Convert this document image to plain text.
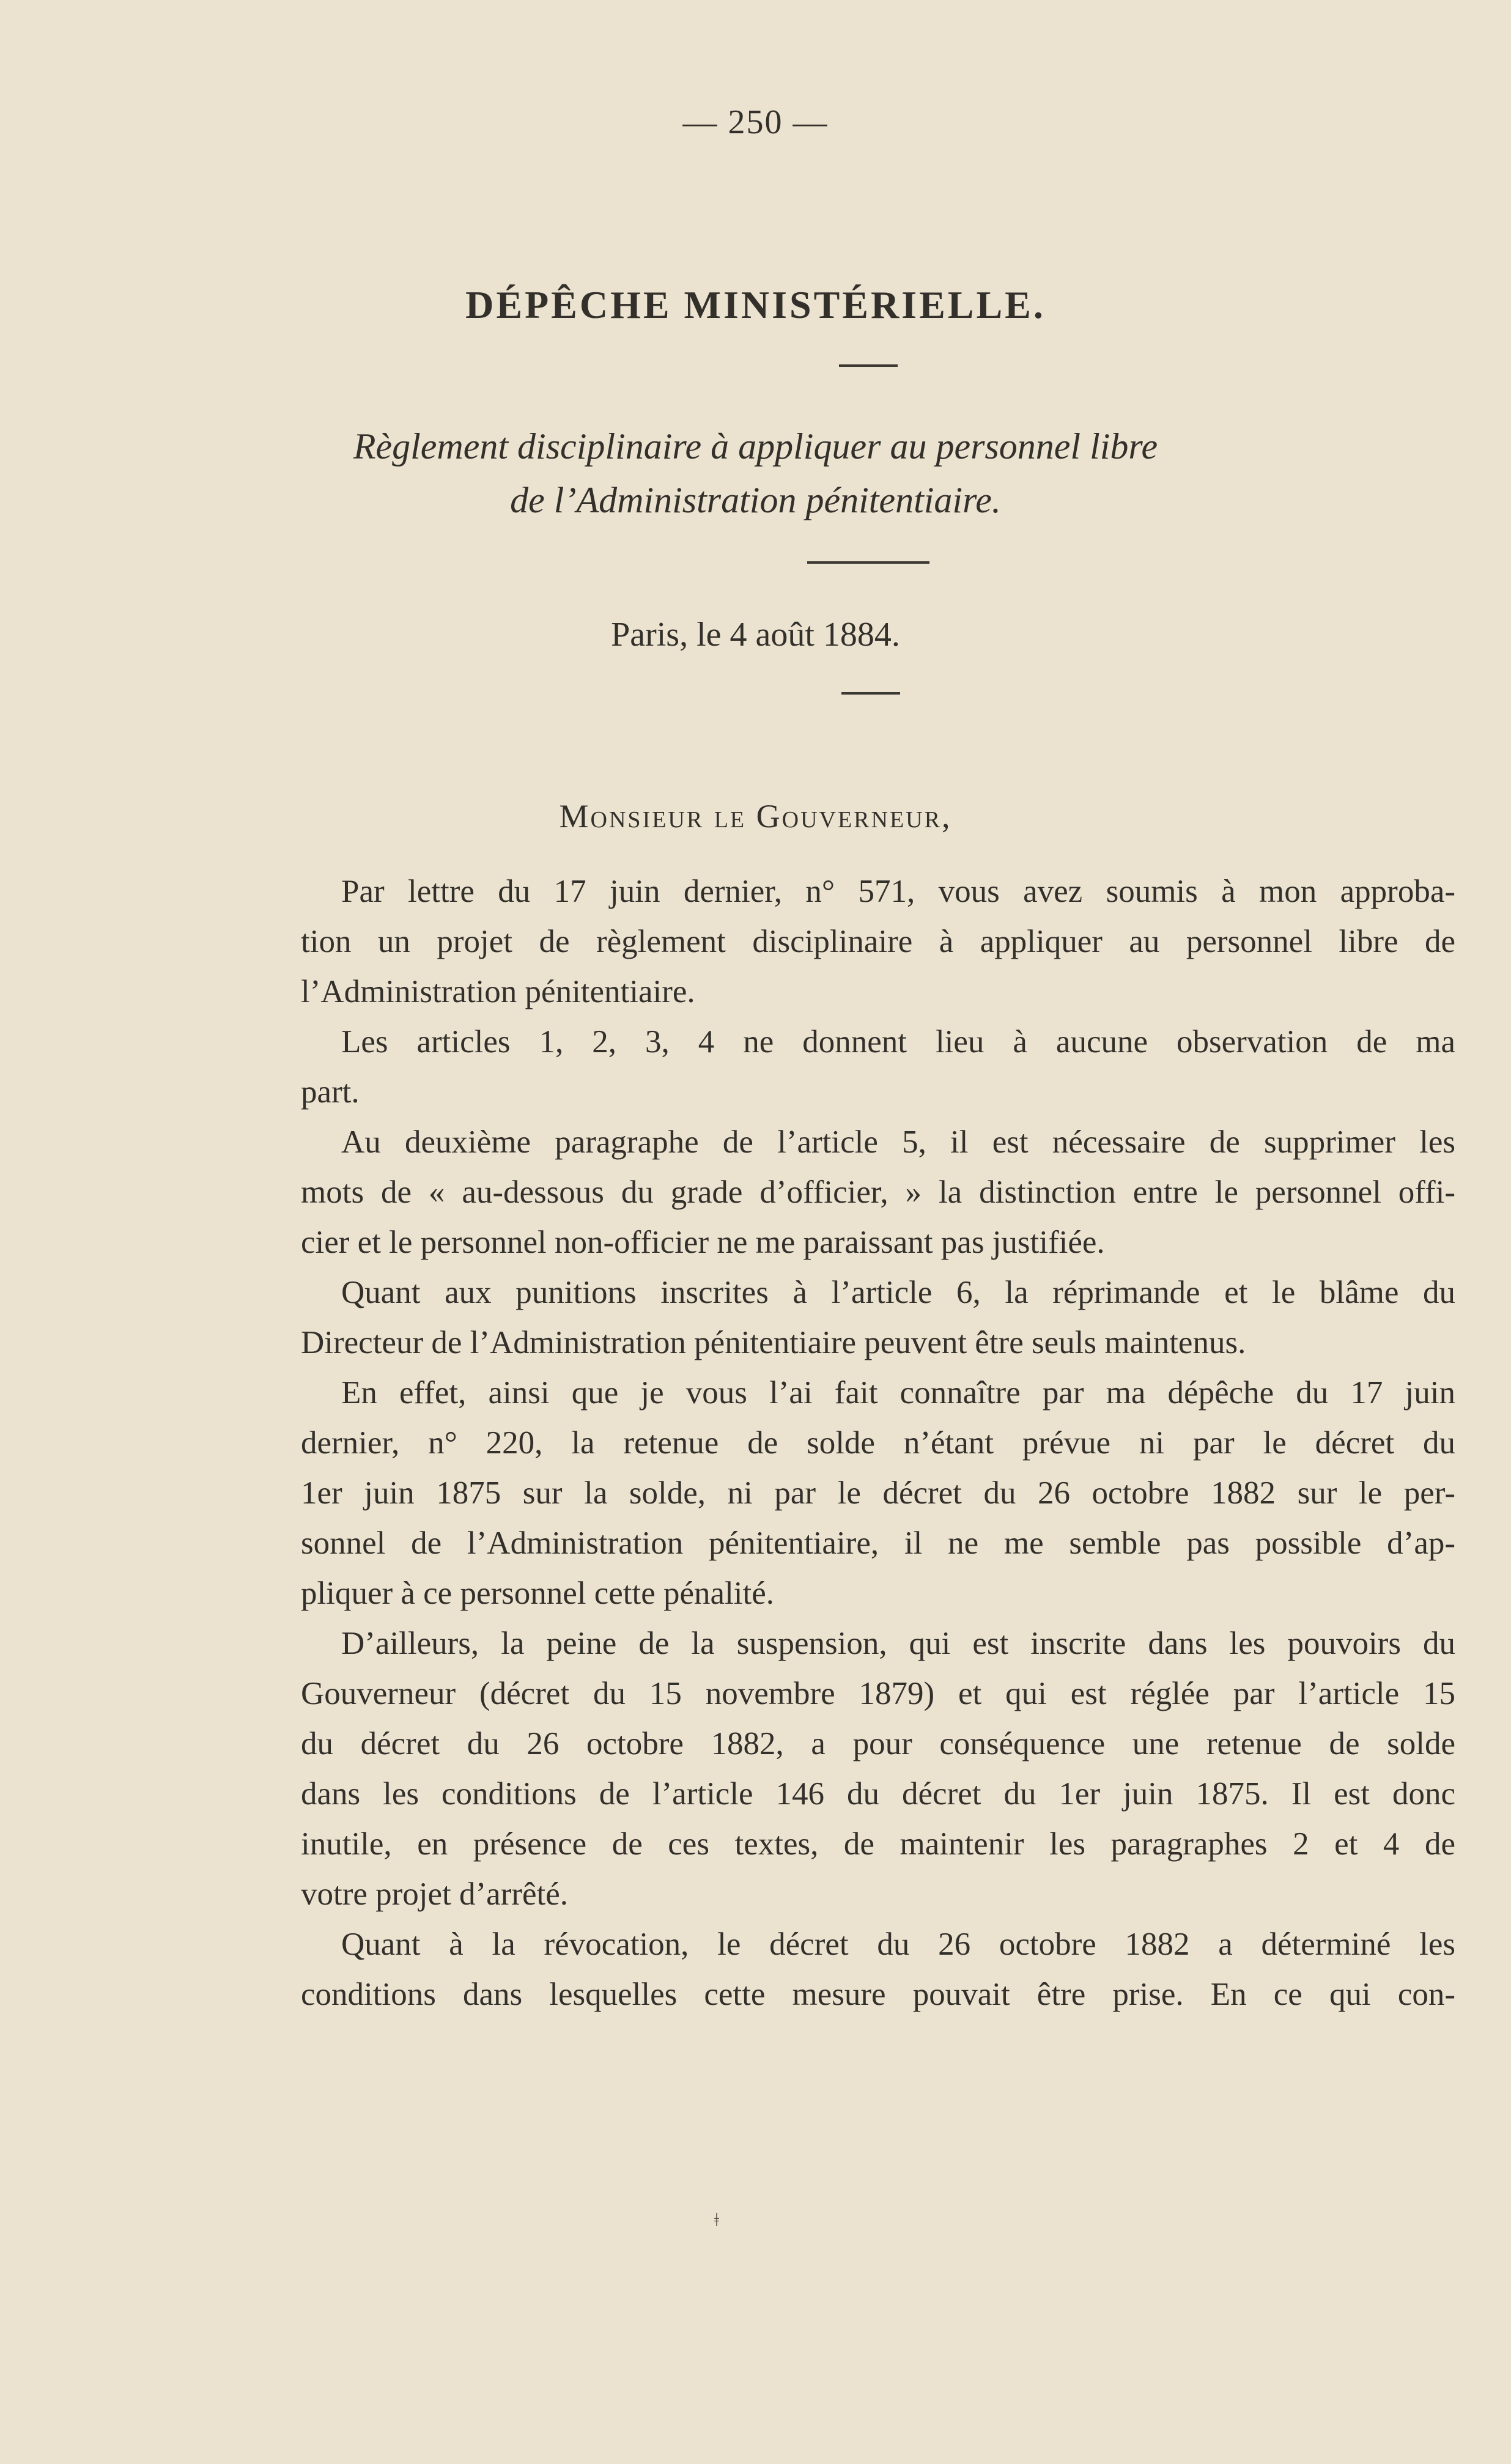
— 250 —
DÉPÊCHE MINISTÉRIELLE.
Règlement disciplinaire à appliquer au personnel libre
de l’Administration pénitentiaire.
Paris, le 4 août 1884.
Monsieur le Gouverneur,
Par lettre du 17 juin dernier, n° 571, vous avez soumis à mon approba-
tion un projet de règlement disciplinaire à appliquer au personnel libre de
l’Administration pénitentiaire.
Les articles 1, 2, 3, 4 ne donnent lieu à aucune observation de ma
part.
Au deuxième paragraphe de l’article 5, il est nécessaire de supprimer les
mots de « au-dessous du grade d’officier, » la distinction entre le personnel offi-
cier et le personnel non-officier ne me paraissant pas justifiée.
Quant aux punitions inscrites à l’article 6, la réprimande et le blâme du
Directeur de l’Administration pénitentiaire peuvent être seuls maintenus.
En effet, ainsi que je vous l’ai fait connaître par ma dépêche du 17 juin
dernier, n° 220, la retenue de solde n’étant prévue ni par le décret du
1er juin 1875 sur la solde, ni par le décret du 26 octobre 1882 sur le per-
sonnel de l’Administration pénitentiaire, il ne me semble pas possible d’ap-
pliquer à ce personnel cette pénalité.
D’ailleurs, la peine de la suspension, qui est inscrite dans les pouvoirs du
Gouverneur (décret du 15 novembre 1879) et qui est réglée par l’article 15
du décret du 26 octobre 1882, a pour conséquence une retenue de solde
dans les conditions de l’article 146 du décret du 1er juin 1875. Il est donc
inutile, en présence de ces textes, de maintenir les paragraphes 2 et 4 de
votre projet d’arrêté.
Quant à la révocation, le décret du 26 octobre 1882 a déterminé les
conditions dans lesquelles cette mesure pouvait être prise. En ce qui con-
ǂ
